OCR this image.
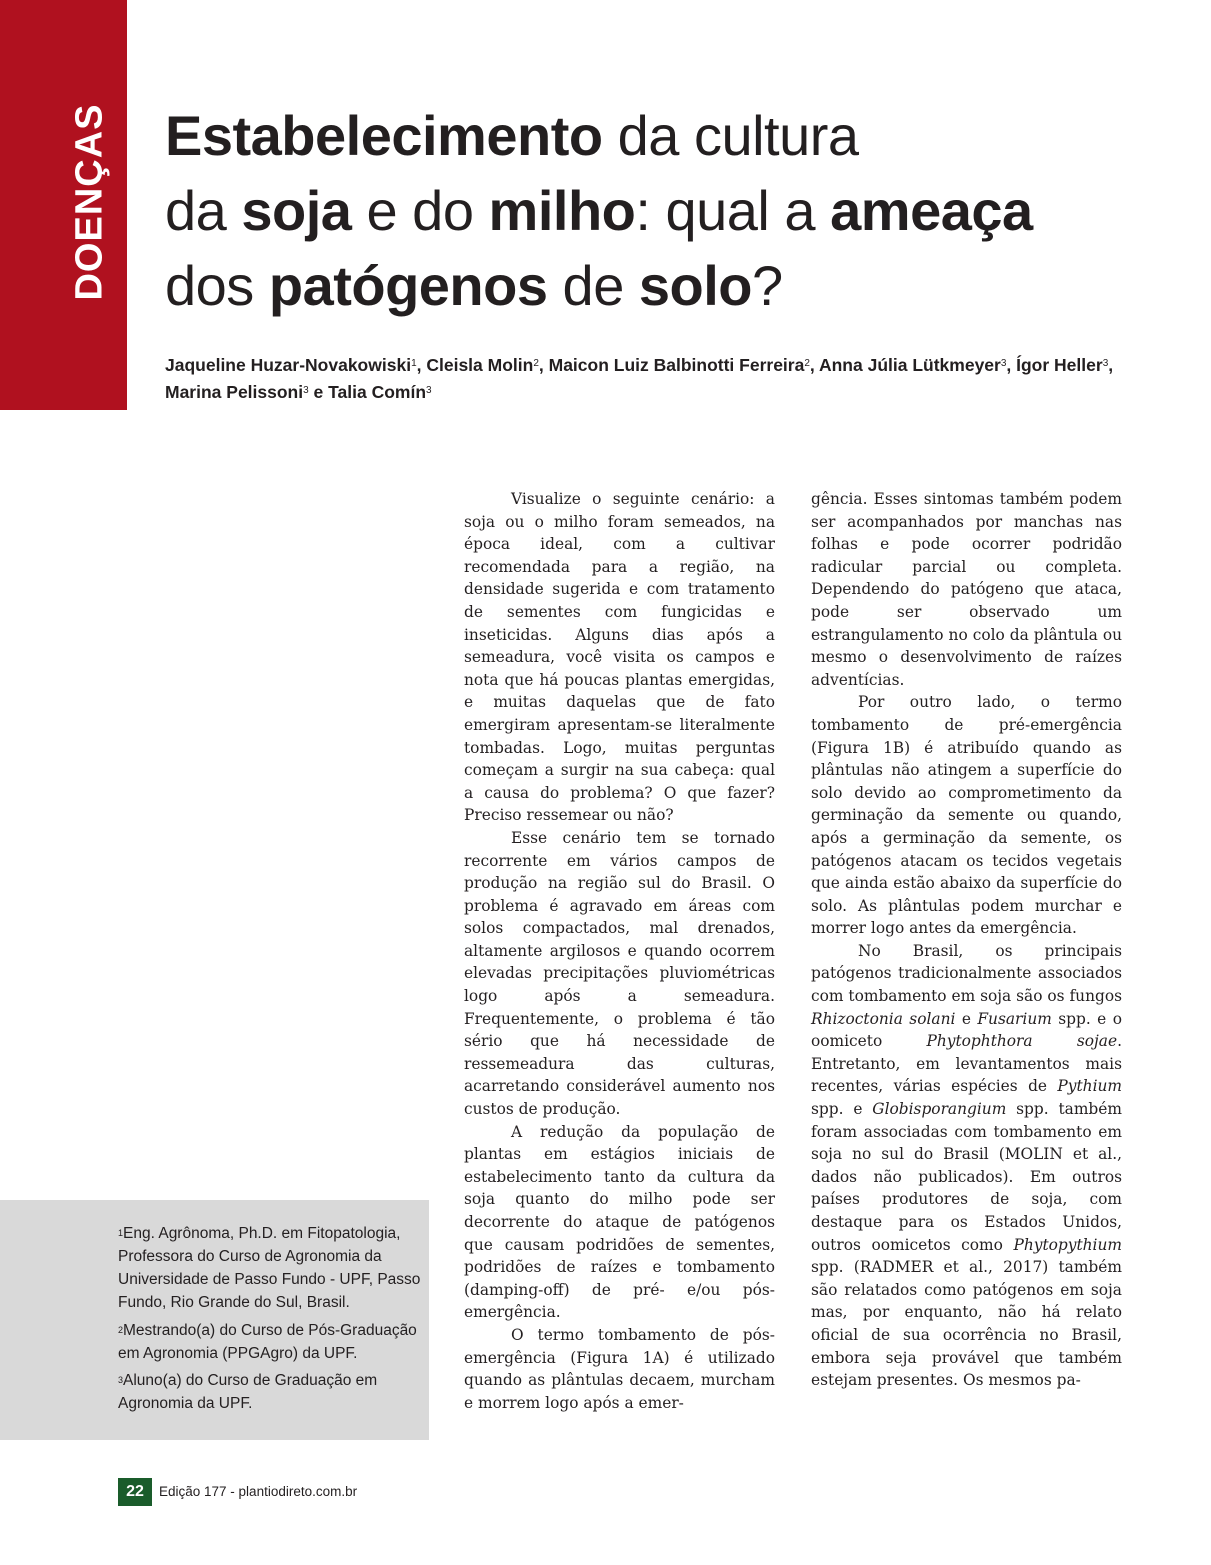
DOENÇAS Estabelecimento da cultura
da soja e do milho: qual a ameaça
dos patógenos de solo?

Jaqueline Huzar-Novakowiski$^1$, Cleisla Molin$^2$, Maicon Luiz Balbinotti Ferreira$^2$, Anna Júlia Lütkmeyer$^3$, Ígor Heller$^3$, Marina Pelissoni$^3$ e Talia Comín$^3$

$^1$Eng. Agrônoma, Ph.D. em Fitopatologia, Professora do Curso de Agronomia da Universidade de Passo Fundo - UPF, Passo Fundo, Rio Grande do Sul, Brasil.

$^2$Mestrando(a) do Curso de Pós-Graduação em Agronomia (PPGAgro) da UPF.

$^3$Aluno(a) do Curso de Graduação em Agronomia da UPF.

Visualize o seguinte cenário: a soja ou o milho foram semeados, na época ideal, com a cultivar recomendada para a região, na densidade sugerida e com tratamento de sementes com fungicidas e inseticidas. Alguns dias após a semeadura, você visita os campos e nota que há poucas plantas emergidas, e muitas daquelas que de fato emergiram apresentam-se literalmente tombadas. Logo, muitas perguntas começam a surgir na sua cabeça: qual a causa do problema? O que fazer? Preciso ressemear ou não?

Esse cenário tem se tornado recorrente em vários campos de produção na região sul do Brasil. O problema é agravado em áreas com solos compactados, mal drenados, altamente argilosos e quando ocorrem elevadas precipitações pluviométricas logo após a semeadura. Frequentemente, o problema é tão sério que há necessidade de ressemeadura das culturas, acarretando considerável aumento nos custos de produção.

A redução da população de plantas em estágios iniciais de estabelecimento tanto da cultura da soja quanto do milho pode ser decorrente do ataque de patógenos que causam podridões de sementes, podridões de raízes e tombamento (damping-off) de pré- e/ou pós-emergência.

O termo tombamento de pós-emergência (Figura 1A) é utilizado quando as plântulas decaem, murcham e morrem logo após a emer-

gência. Esses sintomas também podem ser acompanhados por manchas nas folhas e pode ocorrer podridão radicular parcial ou completa. Dependendo do patógeno que ataca, pode ser observado um estrangulamento no colo da plântula ou mesmo o desenvolvimento de raízes adventícias.

Por outro lado, o termo tombamento de pré-emergência (Figura 1B) é atribuído quando as plântulas não atingem a superfície do solo devido ao comprometimento da germinação da semente ou quando, após a germinação da semente, os patógenos atacam os tecidos vegetais que ainda estão abaixo da superfície do solo. As plântulas podem murchar e morrer logo antes da emergência.

No Brasil, os principais patógenos tradicionalmente associados com tombamento em soja são os fungos Rhizoctonia solani e Fusarium spp. e o oomiceto Phytophthora sojae. Entretanto, em levantamentos mais recentes, várias espécies de Pythium spp. e Globisporangium spp. também foram associadas com tombamento em soja no sul do Brasil (MOLIN et al., dados não publicados). Em outros países produtores de soja, com destaque para os Estados Unidos, outros oomicetos como Phytopythium spp. (RADMER et al., 2017) também são relatados como patógenos em soja mas, por enquanto, não há relato oficial de sua ocorrência no Brasil, embora seja provável que também estejam presentes. Os mesmos pa-

22	Edição 177 - plantiodireto.com.br
